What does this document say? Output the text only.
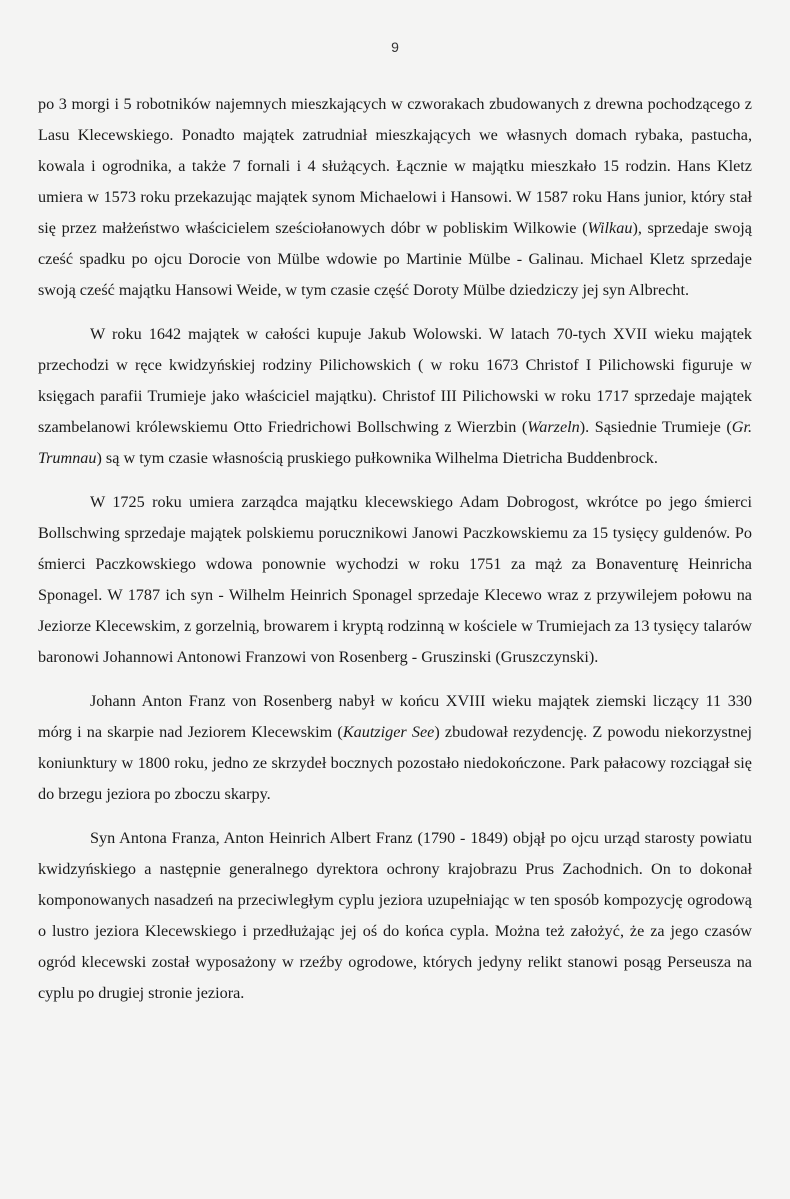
9

po 3 morgi i 5 robotników najemnych mieszkających w czworakach zbudowanych z drewna pochodzącego z Lasu Klecewskiego. Ponadto majątek zatrudniał mieszkających we własnych domach rybaka, pastucha, kowala i ogrodnika, a także 7 fornali i 4 służących. Łącznie w majątku mieszkało 15 rodzin. Hans Kletz umiera w 1573 roku przekazując majątek synom Michaelowi i Hansowi. W 1587 roku Hans junior, który stał się przez małżeństwo właścicielem sześciołanowych dóbr w pobliskim Wilkowie (Wilkau), sprzedaje swoją cześć spadku po ojcu Dorocie von Mülbe wdowie po Martinie Mülbe - Galinau. Michael Kletz sprzedaje swoją cześć majątku Hansowi Weide, w tym czasie część Doroty Mülbe dziedziczy jej syn Albrecht.

W roku 1642 majątek w całości kupuje Jakub Wolowski. W latach 70-tych XVII wieku majątek przechodzi w ręce kwidzyńskiej rodziny Pilichowskich ( w roku 1673 Christof I Pilichowski figuruje w księgach parafii Trumieje jako właściciel majątku). Christof III Pilichowski w roku 1717 sprzedaje majątek szambelanowi królewskiemu Otto Friedrichowi Bollschwing z Wierzbin (Warzeln). Sąsiednie Trumieje (Gr. Trumnau) są w tym czasie własnością pruskiego pułkownika Wilhelma Dietricha Buddenbrock.

W 1725 roku umiera zarządca majątku klecewskiego Adam Dobrogost, wkrótce po jego śmierci Bollschwing sprzedaje majątek polskiemu porucznikowi Janowi Paczkowskiemu za 15 tysięcy guldenów. Po śmierci Paczkowskiego wdowa ponownie wychodzi w roku 1751 za mąż za Bonaventurę Heinricha Sponagel. W 1787 ich syn - Wilhelm Heinrich Sponagel sprzedaje Klecewo wraz z przywilejem połowu na Jeziorze Klecewskim, z gorzelnią, browarem i kryptą rodzinną w kościele w Trumiejach za 13 tysięcy talarów baronowi Johannowi Antonowi Franzowi von Rosenberg - Gruszinski (Gruszczynski).

Johann Anton Franz von Rosenberg nabył w końcu XVIII wieku majątek ziemski liczący 11 330 mórg i na skarpie nad Jeziorem Klecewskim (Kautziger See) zbudował rezydencję. Z powodu niekorzystnej koniunktury w 1800 roku, jedno ze skrzydeł bocznych pozostało niedokończone. Park pałacowy rozciągał się do brzegu jeziora po zboczu skarpy.

Syn Antona Franza, Anton Heinrich Albert Franz (1790 - 1849) objął po ojcu urząd starosty powiatu kwidzyńskiego a następnie generalnego dyrektora ochrony krajobrazu Prus Zachodnich. On to dokonał komponowanych nasadzeń na przeciwległym cyplu jeziora uzupełniając w ten sposób kompozycję ogrodową o lustro jeziora Klecewskiego i przedłużając jej oś do końca cypla. Można też założyć, że za jego czasów ogród klecewski został wyposażony w rzeźby ogrodowe, których jedyny relikt stanowi posąg Perseusza na cyplu po drugiej stronie jeziora.
